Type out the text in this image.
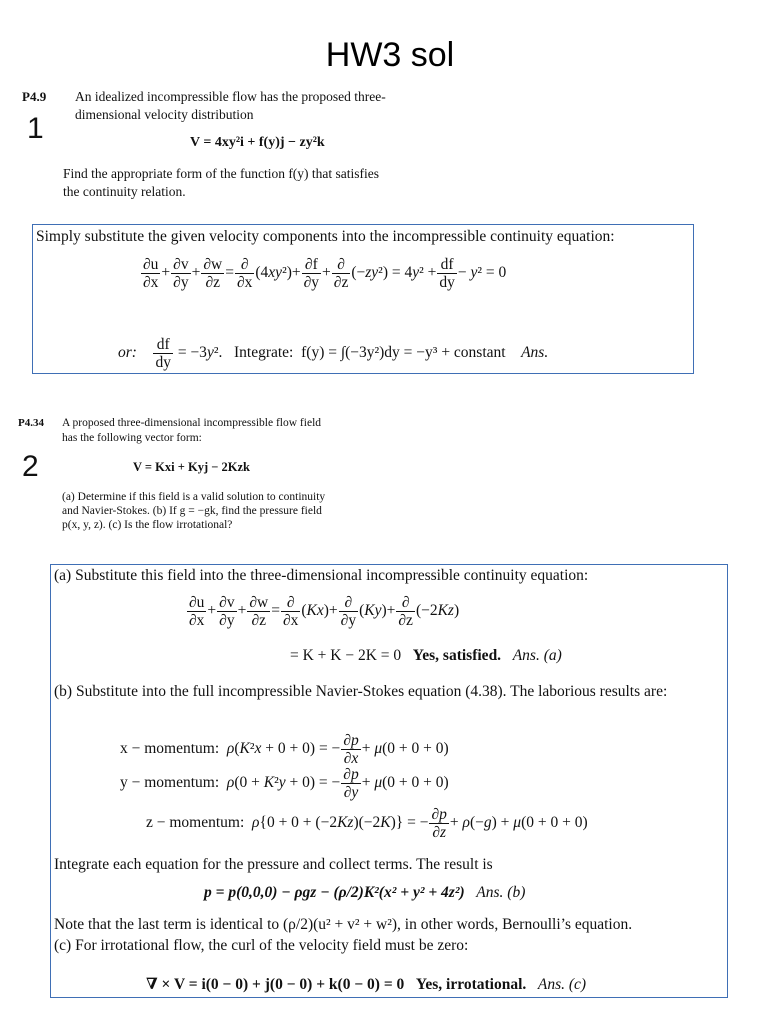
HW3 sol
P4.9 An idealized incompressible flow has the proposed three-
dimensional velocity distribution
1	V = 4xy²i + f(y)j − zy²k
Find the appropriate form of the function f(y) that satisfies
the continuity relation.
Simply substitute the given velocity components into the incompressible continuity equation:
$\frac{\partial u}{\partial x} + \frac{\partial v}{\partial y} + \frac{\partial w}{\partial z} = \frac{\partial}{\partial x} (4xy^2)+ \frac{\partial f}{\partial y} + \frac{\partial}{\partial z} (-zy^2) = 4y^2 + \frac{df}{dy} - y^2 = 0$
or: $\frac{df}{dy} = -3y^2$.   Integrate: f(y) = ∫(−3y²)dy = −y³ + constant Ans.
P4.34 A proposed three-dimensional incompressible flow field
has the following vector form:
2	V = Kxi + Kyj − 2Kzk
(a) Determine if this field is a valid solution to continuity
and Navier-Stokes. (b) If g = −gk, find the pressure field
p(x, y, z). (c) Is the flow irrotational?
(a) Substitute this field into the three-dimensional incompressible continuity equation:
$\frac{\partial u}{\partial x} + \frac{\partial v}{\partial y} + \frac{\partial w}{\partial z} = \frac{\partial}{\partial x} (Kx)+ \frac{\partial}{\partial y} (Ky)+ \frac{\partial}{\partial z} (-2Kz)$
= K + K − 2K = 0 Yes, satisfied. Ans. (a)
(b) Substitute into the full incompressible Navier-Stokes equation (4.38). The laborious results are:
x − momentum: ρ(K²x + 0 + 0) = − $\frac{\partial p}{\partial x} + \mu(0 + 0 + 0)$
y − momentum: ρ(0 + K²y + 0) = − $\frac{\partial p}{\partial y} + \mu(0 + 0 + 0)$
z − momentum: ρ{0 + 0 + (−2Kz)(−2K)} = − $\frac{\partial p}{\partial z} + \rho(-g) + \mu(0 + 0 + 0)$
Integrate each equation for the pressure and collect terms. The result is
p = p(0,0,0) − ρgz − (ρ/2)K²(x² + y² + 4z²) Ans. (b)
Note that the last term is identical to (ρ/2)(u² + v² + w²), in other words, Bernoulli’s equation.
(c) For irrotational flow, the curl of the velocity field must be zero:
∇ × V = i(0 − 0) + j(0 − 0) + k(0 − 0) = 0 Yes, irrotational. Ans. (c)
